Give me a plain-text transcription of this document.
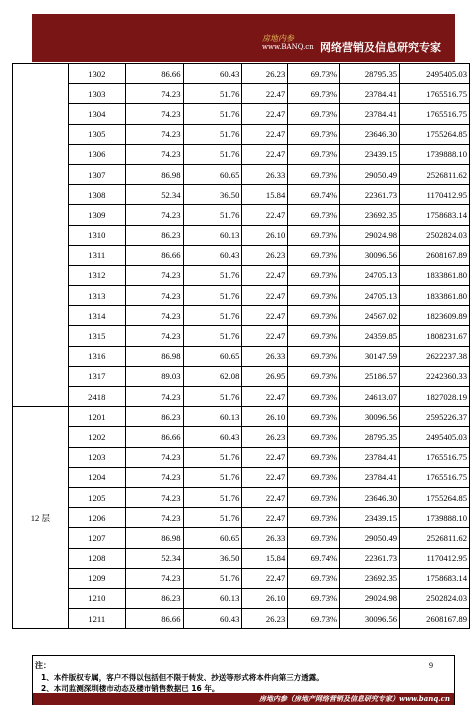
房地内参
www.BANQ.cn 网络营销及信息研究专家
	1302	86.66	60.43	26.23	69.73%	28795.35	2495405.03
	1303	74.23	51.76	22.47	69.73%	23784.41	1765516.75
	1304	74.23	51.76	22.47	69.73%	23784.41	1765516.75
	1305	74.23	51.76	22.47	69.73%	23646.30	1755264.85
	1306	74.23	51.76	22.47	69.73%	23439.15	1739888.10
	1307	86.98	60.65	26.33	69.73%	29050.49	2526811.62
	1308	52.34	36.50	15.84	69.74%	22361.73	1170412.95
	1309	74.23	51.76	22.47	69.73%	23692.35	1758683.14
	1310	86.23	60.13	26.10	69.73%	29024.98	2502824.03
	1311	86.66	60.43	26.23	69.73%	30096.56	2608167.89
	1312	74.23	51.76	22.47	69.73%	24705.13	1833861.80
	1313	74.23	51.76	22.47	69.73%	24705.13	1833861.80
	1314	74.23	51.76	22.47	69.73%	24567.02	1823609.89
	1315	74.23	51.76	22.47	69.73%	24359.85	1808231.67
	1316	86.98	60.65	26.33	69.73%	30147.59	2622237.38
	1317	89.03	62.08	26.95	69.73%	25186.57	2242360.33
	2418	74.23	51.76	22.47	69.73%	24613.07	1827028.19
12 层	1201	86.23	60.13	26.10	69.73%	30096.56	2595226.37
	1202	86.66	60.43	26.23	69.73%	28795.35	2495405.03
	1203	74.23	51.76	22.47	69.73%	23784.41	1765516.75
	1204	74.23	51.76	22.47	69.73%	23784.41	1765516.75
	1205	74.23	51.76	22.47	69.73%	23646.30	1755264.85
	1206	74.23	51.76	22.47	69.73%	23439.15	1739888.10
	1207	86.98	60.65	26.33	69.73%	29050.49	2526811.62
	1208	52.34	36.50	15.84	69.74%	22361.73	1170412.95
	1209	74.23	51.76	22.47	69.73%	23692.35	1758683.14
	1210	86.23	60.13	26.10	69.73%	29024.98	2502824.03
	1211	86.66	60.43	26.23	69.73%	30096.56	2608167.89
注：	9
1、本件版权专属，客户不得以包括但不限于转发、抄送等形式将本件向第三方透露。
2、本司监测深圳楼市动态及楼市销售数据已 16 年。
房地内参（房地产网络营销及信息研究专家）www.banq.cn
